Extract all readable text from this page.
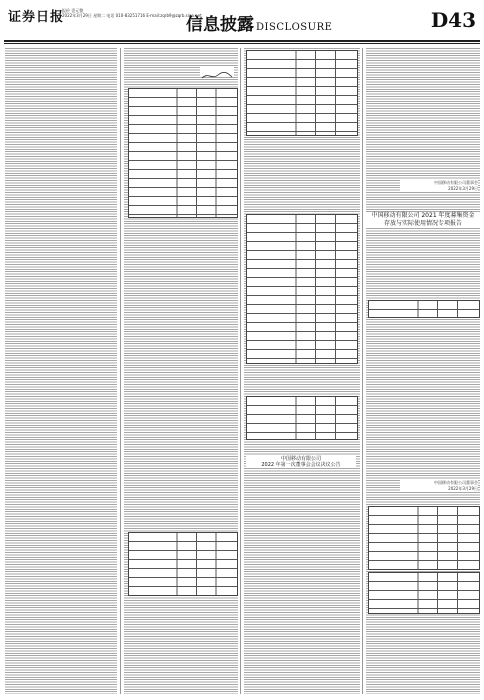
证券日报
报价 壹元整
2022年3月29日 星期二 电话 010-83251716 E-mail:zqrb9@zqrb.sina.net
信息披露 DISCLOSURE	D43
中国移动有限公司
2022 年第一次董事会会议决议公告
中国移动有限公司 2021 年度募集资金
存放与实际使用情况专项报告
中国移动有限公司董事会
2022年3月29日
中国移动有限公司董事会
2022年3月29日
